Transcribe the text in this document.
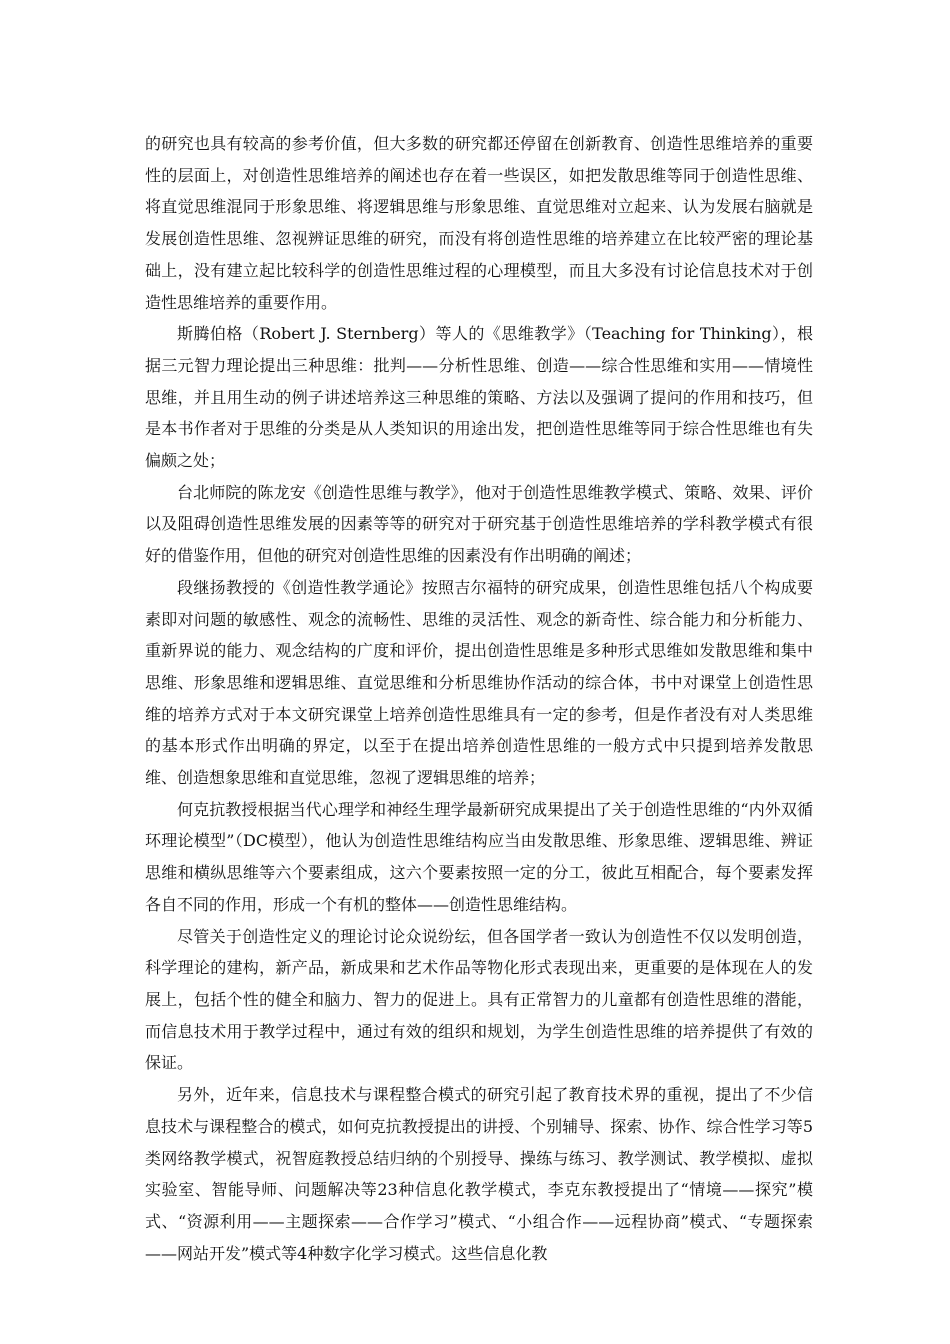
的研究也具有较高的参考价值，但大多数的研究都还停留在创新教育、创造性思维培养的重要性的层面上，对创造性思维培养的阐述也存在着一些误区，如把发散思维等同于创造性思维、将直觉思维混同于形象思维、将逻辑思维与形象思维、直觉思维对立起来、认为发展右脑就是发展创造性思维、忽视辨证思维的研究，而没有将创造性思维的培养建立在比较严密的理论基础上，没有建立起比较科学的创造性思维过程的心理模型，而且大多没有讨论信息技术对于创造性思维培养的重要作用。

斯腾伯格（Robert J. Sternberg）等人的《思维教学》（Teaching for Thinking），根据三元智力理论提出三种思维：批判——分析性思维、创造——综合性思维和实用——情境性思维，并且用生动的例子讲述培养这三种思维的策略、方法以及强调了提问的作用和技巧，但是本书作者对于思维的分类是从人类知识的用途出发，把创造性思维等同于综合性思维也有失偏颇之处；

台北师院的陈龙安《创造性思维与教学》，他对于创造性思维教学模式、策略、效果、评价以及阻碍创造性思维发展的因素等等的研究对于研究基于创造性思维培养的学科教学模式有很好的借鉴作用，但他的研究对创造性思维的因素没有作出明确的阐述；

段继扬教授的《创造性教学通论》按照吉尔福特的研究成果，创造性思维包括八个构成要素即对问题的敏感性、观念的流畅性、思维的灵活性、观念的新奇性、综合能力和分析能力、重新界说的能力、观念结构的广度和评价，提出创造性思维是多种形式思维如发散思维和集中思维、形象思维和逻辑思维、直觉思维和分析思维协作活动的综合体，书中对课堂上创造性思维的培养方式对于本文研究课堂上培养创造性思维具有一定的参考，但是作者没有对人类思维的基本形式作出明确的界定，以至于在提出培养创造性思维的一般方式中只提到培养发散思维、创造想象思维和直觉思维，忽视了逻辑思维的培养；

何克抗教授根据当代心理学和神经生理学最新研究成果提出了关于创造性思维的“内外双循环理论模型”（DC模型），他认为创造性思维结构应当由发散思维、形象思维、逻辑思维、辨证思维和横纵思维等六个要素组成，这六个要素按照一定的分工，彼此互相配合，每个要素发挥各自不同的作用，形成一个有机的整体——创造性思维结构。

尽管关于创造性定义的理论讨论众说纷纭，但各国学者一致认为创造性不仅以发明创造，科学理论的建构，新产品，新成果和艺术作品等物化形式表现出来，更重要的是体现在人的发展上，包括个性的健全和脑力、智力的促进上。具有正常智力的儿童都有创造性思维的潜能，而信息技术用于教学过程中，通过有效的组织和规划，为学生创造性思维的培养提供了有效的保证。

另外，近年来，信息技术与课程整合模式的研究引起了教育技术界的重视，提出了不少信息技术与课程整合的模式，如何克抗教授提出的讲授、个别辅导、探索、协作、综合性学习等5类网络教学模式，祝智庭教授总结归纳的个别授导、操练与练习、教学测试、教学模拟、虚拟实验室、智能导师、问题解决等23种信息化教学模式，李克东教授提出了“情境——探究”模式、“资源利用——主题探索——合作学习”模式、“小组合作——远程协商”模式、“专题探索——网站开发”模式等4种数字化学习模式。这些信息化教
